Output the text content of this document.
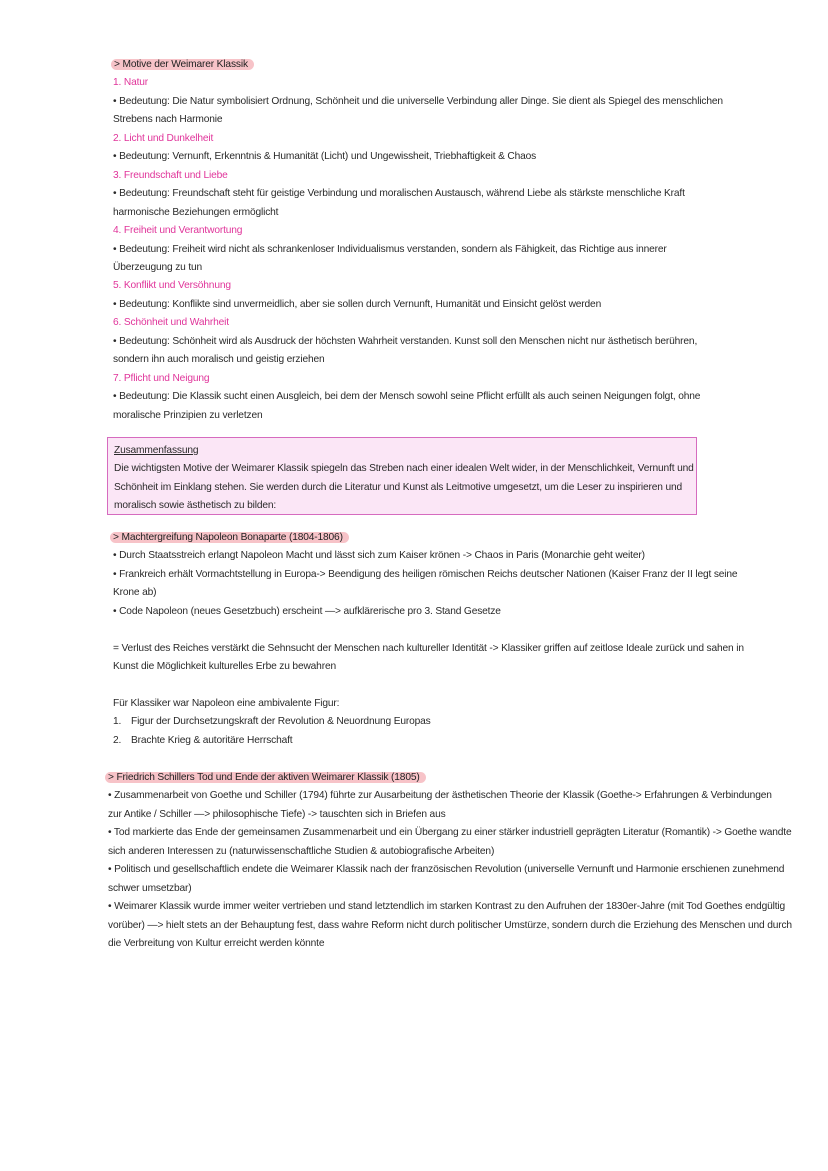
> Motive der Weimarer Klassik
1. Natur
• Bedeutung: Die Natur symbolisiert Ordnung, Schönheit und die universelle Verbindung aller Dinge. Sie dient als Spiegel des menschlichen
Strebens nach Harmonie
2. Licht und Dunkelheit
• Bedeutung: Vernunft, Erkenntnis & Humanität (Licht) und Ungewissheit, Triebhaftigkeit & Chaos
3. Freundschaft und Liebe
• Bedeutung: Freundschaft steht für geistige Verbindung und moralischen Austausch, während Liebe als stärkste menschliche Kraft
harmonische Beziehungen ermöglicht
4. Freiheit und Verantwortung
• Bedeutung: Freiheit wird nicht als schrankenloser Individualismus verstanden, sondern als Fähigkeit, das Richtige aus innerer
Überzeugung zu tun
5. Konflikt und Versöhnung
• Bedeutung: Konflikte sind unvermeidlich, aber sie sollen durch Vernunft, Humanität und Einsicht gelöst werden
6. Schönheit und Wahrheit
• Bedeutung: Schönheit wird als Ausdruck der höchsten Wahrheit verstanden. Kunst soll den Menschen nicht nur ästhetisch berühren,
sondern ihn auch moralisch und geistig erziehen
7. Pflicht und Neigung
• Bedeutung: Die Klassik sucht einen Ausgleich, bei dem der Mensch sowohl seine Pflicht erfüllt als auch seinen Neigungen folgt, ohne
moralische Prinzipien zu verletzen
Zusammenfassung
Die wichtigsten Motive der Weimarer Klassik spiegeln das Streben nach einer idealen Welt wider, in der Menschlichkeit, Vernunft und
Schönheit im Einklang stehen. Sie werden durch die Literatur und Kunst als Leitmotive umgesetzt, um die Leser zu inspirieren und
moralisch sowie ästhetisch zu bilden:
> Machtergreifung Napoleon Bonaparte (1804-1806)
• Durch Staatsstreich erlangt Napoleon Macht und lässt sich zum Kaiser krönen -> Chaos in Paris (Monarchie geht weiter)
• Frankreich erhält Vormachtstellung in Europa-> Beendigung des heiligen römischen Reichs deutscher Nationen (Kaiser Franz der II legt seine
Krone ab)
• Code Napoleon (neues Gesetzbuch) erscheint —> aufklärerische pro 3. Stand Gesetze
= Verlust des Reiches verstärkt die Sehnsucht der Menschen nach kultureller Identität -> Klassiker griffen auf zeitlose Ideale zurück und sahen in
Kunst die Möglichkeit kulturelles Erbe zu bewahren
Für Klassiker war Napoleon eine ambivalente Figur:
1. Figur der Durchsetzungskraft der Revolution & Neuordnung Europas
2. Brachte Krieg & autoritäre Herrschaft
> Friedrich Schillers Tod und Ende der aktiven Weimarer Klassik (1805)
• Zusammenarbeit von Goethe und Schiller (1794) führte zur Ausarbeitung der ästhetischen Theorie der Klassik (Goethe-> Erfahrungen & Verbindungen
zur Antike / Schiller —> philosophische Tiefe) -> tauschten sich in Briefen aus
• Tod markierte das Ende der gemeinsamen Zusammenarbeit und ein Übergang zu einer stärker industriell geprägten Literatur (Romantik) -> Goethe wandte
sich anderen Interessen zu (naturwissenschaftliche Studien & autobiografische Arbeiten)
• Politisch und gesellschaftlich endete die Weimarer Klassik nach der französischen Revolution (universelle Vernunft und Harmonie erschienen zunehmend
schwer umsetzbar)
• Weimarer Klassik wurde immer weiter vertrieben und stand letztendlich im starken Kontrast zu den Aufruhen der 1830er-Jahre (mit Tod Goethes endgültig
vorüber) —> hielt stets an der Behauptung fest, dass wahre Reform nicht durch politischer Umstürze, sondern durch die Erziehung des Menschen und durch
die Verbreitung von Kultur erreicht werden könnte
